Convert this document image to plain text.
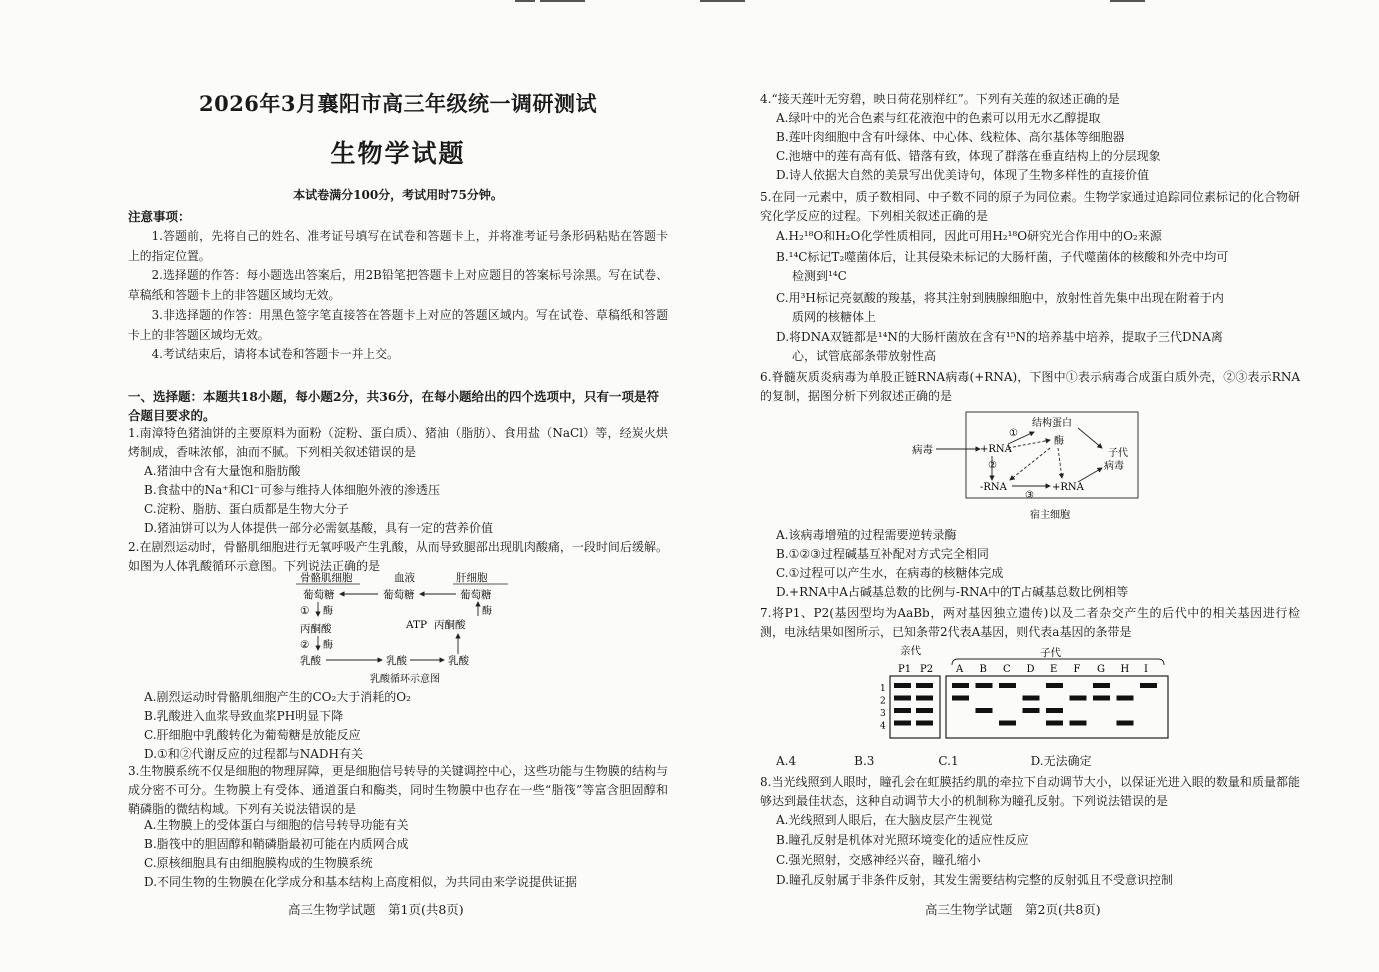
2026年3月襄阳市高三年级统一调研测试
生物学试题
本试卷满分100分，考试用时75分钟。
注意事项：
1.答题前，先将自己的姓名、准考证号填写在试卷和答题卡上，并将准考证号条形码粘贴在答题卡上的指定位置。
2.选择题的作答：每小题选出答案后，用2B铅笔把答题卡上对应题目的答案标号涂黑。写在试卷、草稿纸和答题卡上的非答题区域均无效。
3.非选择题的作答：用黑色签字笔直接答在答题卡上对应的答题区域内。写在试卷、草稿纸和答题卡上的非答题区域均无效。
4.考试结束后，请将本试卷和答题卡一并上交。
一、选择题：本题共18小题，每小题2分，共36分，在每小题给出的四个选项中，只有一项是符合题目要求的。
1.南漳特色猪油饼的主要原料为面粉（淀粉、蛋白质）、猪油（脂肪）、食用盐（NaCl）等，经炭火烘烤制成，香味浓郁，油而不腻。下列相关叙述错误的是
A.猪油中含有大量饱和脂肪酸
B.食盐中的Na⁺和Cl⁻可参与维持人体细胞外液的渗透压
C.淀粉、脂肪、蛋白质都是生物大分子
D.猪油饼可以为人体提供一部分必需氨基酸，具有一定的营养价值
2.在剧烈运动时，骨骼肌细胞进行无氧呼吸产生乳酸，从而导致腿部出现肌肉酸痛，一段时间后缓解。如图为人体乳酸循环示意图。下列说法正确的是
骨骼肌细胞	血液	肝细胞
葡萄糖	葡萄糖	葡萄糖
① 酶	酶
丙酮酸	ATP 丙酮酸
② 酶
乳酸	乳酸	乳酸
乳酸循环示意图
A.剧烈运动时骨骼肌细胞产生的CO₂大于消耗的O₂
B.乳酸进入血浆导致血浆PH明显下降
C.肝细胞中乳酸转化为葡萄糖是放能反应
D.①和②代谢反应的过程都与NADH有关
3.生物膜系统不仅是细胞的物理屏障，更是细胞信号转导的关键调控中心，这些功能与生物膜的结构与成分密不可分。生物膜上有受体、通道蛋白和酶类，同时生物膜中也存在一些“脂筏”等富含胆固醇和鞘磷脂的微结构域。下列有关说法错误的是
A.生物膜上的受体蛋白与细胞的信号转导功能有关
B.脂筏中的胆固醇和鞘磷脂最初可能在内质网合成
C.原核细胞具有由细胞膜构成的生物膜系统
D.不同生物的生物膜在化学成分和基本结构上高度相似，为共同由来学说提供证据
高三生物学试题　第1页(共8页)
4.“接天莲叶无穷碧，映日荷花别样红”。下列有关莲的叙述正确的是
A.绿叶中的光合色素与红花液泡中的色素可以用无水乙醇提取
B.莲叶肉细胞中含有叶绿体、中心体、线粒体、高尔基体等细胞器
C.池塘中的莲有高有低、错落有致，体现了群落在垂直结构上的分层现象
D.诗人依据大自然的美景写出优美诗句，体现了生物多样性的直接价值
5.在同一元素中，质子数相同、中子数不同的原子为同位素。生物学家通过追踪同位素标记的化合物研究化学反应的过程。下列相关叙述正确的是
A.H₂¹⁸O和H₂O化学性质相同，因此可用H₂¹⁸O研究光合作用中的O₂来源
B.¹⁴C标记T₂噬菌体后，让其侵染未标记的大肠杆菌，子代噬菌体的核酸和外壳中均可
检测到¹⁴C
C.用³H标记亮氨酸的羧基，将其注射到胰腺细胞中，放射性首先集中出现在附着于内
质网的核糖体上
D.将DNA双链都是¹⁴N的大肠杆菌放在含有¹⁵N的培养基中培养，提取子三代DNA离
心，试管底部条带放射性高
6.脊髓灰质炎病毒为单股正链RNA病毒(+RNA)，下图中①表示病毒合成蛋白质外壳，②③表示RNA的复制，据图分析下列叙述正确的是
病毒	+RNA
①
结构蛋白
酶
②
-RNA
③
+RNA
子代
病毒
宿主细胞
A.该病毒增殖的过程需要逆转录酶
B.①②③过程碱基互补配对方式完全相同
C.①过程可以产生水，在病毒的核糖体完成
D.+RNA中A占碱基总数的比例与-RNA中的T占碱基总数比例相等
7.将P1、P2(基因型均为AaBb，两对基因独立遗传)以及二者杂交产生的后代中的相关基因进行检测，电泳结果如图所示，已知条带2代表A基因，则代表a基因的条带是
亲代	子代
P1 P2 A B C D E F G H I
1
2
3
4
A.4	B.3	C.1	D.无法确定
8.当光线照到人眼时，瞳孔会在虹膜括约肌的牵拉下自动调节大小，以保证光进入眼的数量和质量都能够达到最佳状态，这种自动调节大小的机制称为瞳孔反射。下列说法错误的是
A.光线照到人眼后，在大脑皮层产生视觉
B.瞳孔反射是机体对光照环境变化的适应性反应
C.强光照射，交感神经兴奋，瞳孔缩小
D.瞳孔反射属于非条件反射，其发生需要结构完整的反射弧且不受意识控制
高三生物学试题　第2页(共8页)
